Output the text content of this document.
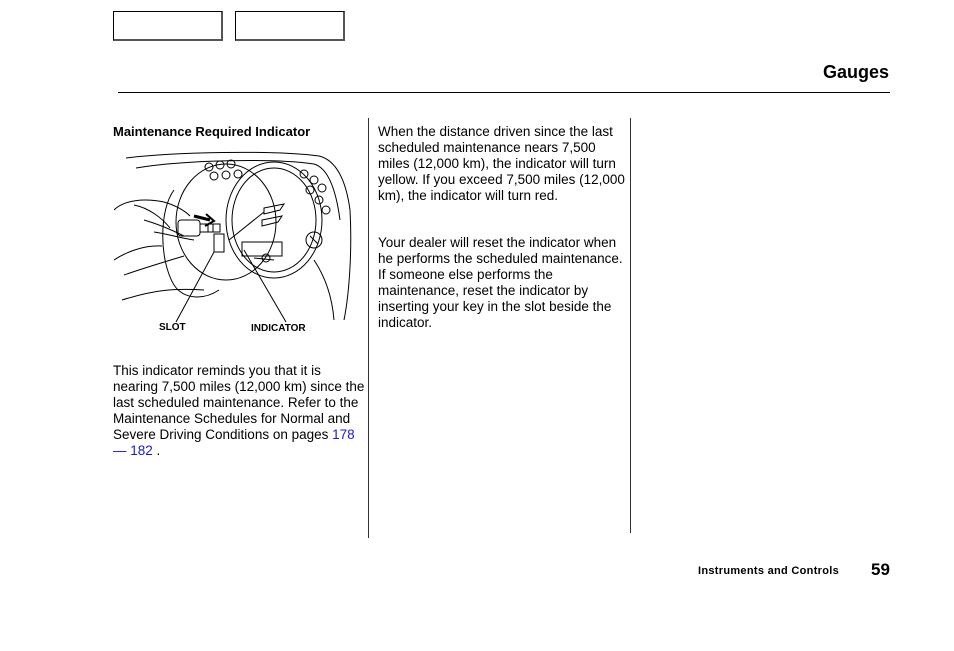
Gauges
Maintenance Required Indicator
SLOT	INDICATOR

This indicator reminds you that it is nearing 7,500 miles (12,000 km) since the last scheduled maintenance. Refer to the Maintenance Schedules for Normal and Severe Driving Conditions on pages 178 — 182 .

When the distance driven since the last scheduled maintenance nears 7,500 miles (12,000 km), the indicator will turn yellow. If you exceed 7,500 miles (12,000 km), the indicator will turn red.

Your dealer will reset the indicator when he performs the scheduled maintenance. If someone else performs the maintenance, reset the indicator by inserting your key in the slot beside the indicator.

Instruments and Controls 59
